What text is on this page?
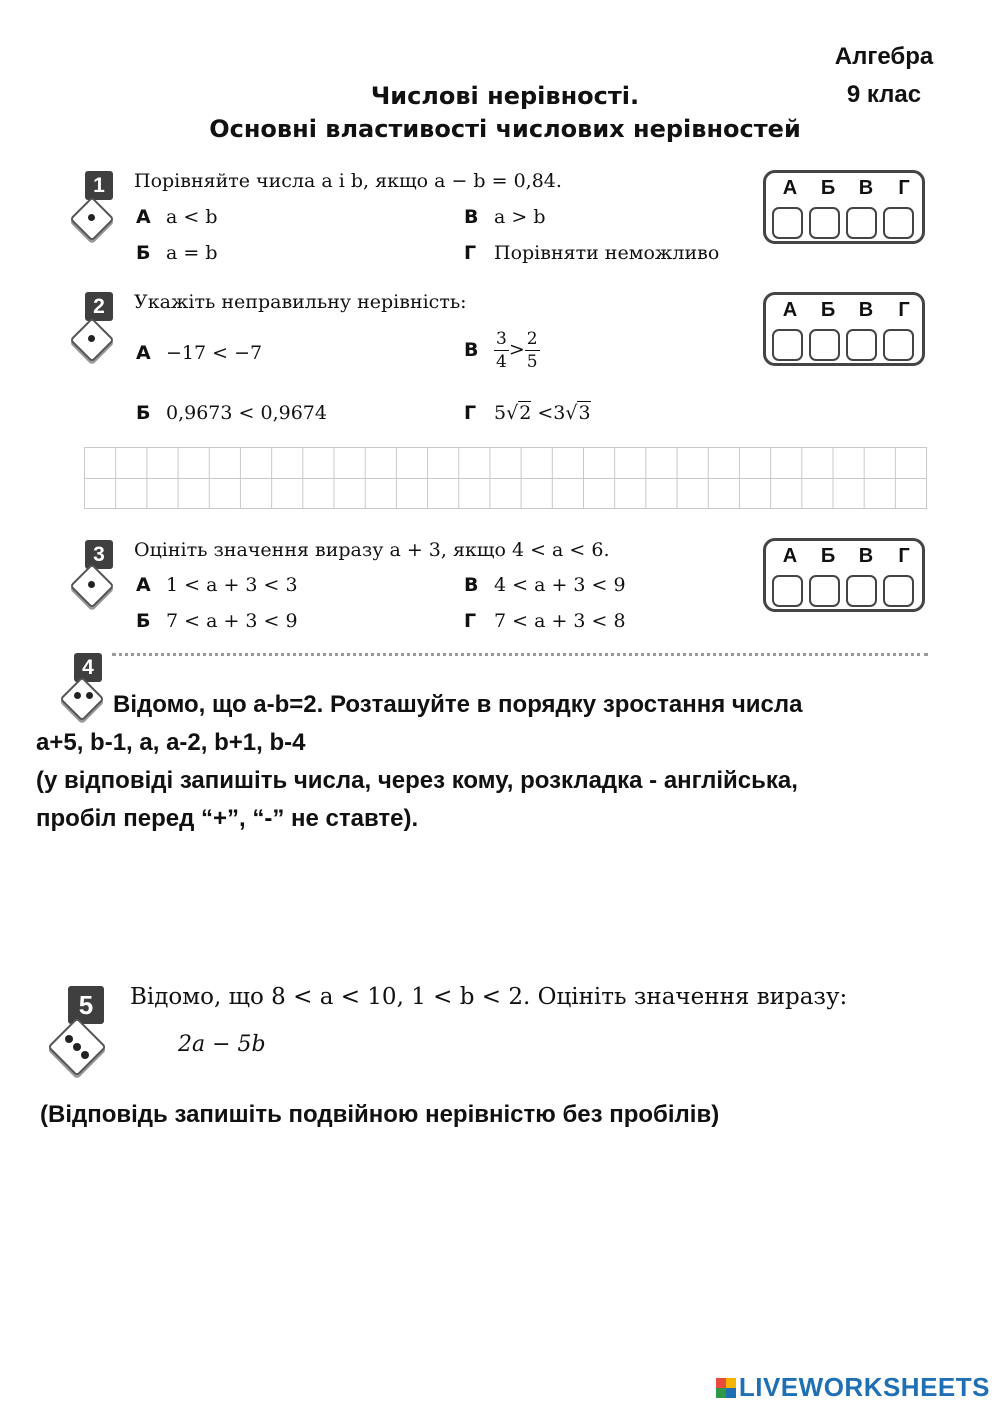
Алгебра
9 клас
Числові нерівності.
Основні властивості числових нерівностей
1	Порівняйте числа a і b, якщо a − b = 0,84.
А a < b
Б a = b
В a > b
Г Порівняти неможливо
А	Б	В	Г
2	Укажіть неправильну нерівність:
А −17 < −7
Б 0,9673 < 0,9674
В $\frac{3}{4} > \frac{2}{5}$
Г 5√2 <3√3
А	Б	В	Г
3	Оцініть значення виразу a + 3, якщо 4 < a < 6.
А 1 < a + 3 < 3
Б 7 < a + 3 < 9
В 4 < a + 3 < 9
Г 7 < a + 3 < 8
А	Б	В	Г
4
Відомо, що a-b=2. Розташуйте в порядку зростання числа
a+5, b-1, a, a-2, b+1, b-4
(у відповіді запишіть числа, через кому, розкладка - англійська,
пробіл перед “+”, “-” не ставте).
5	Відомо, що 8 < a < 10, 1 < b < 2. Оцініть значення виразу:
2a − 5b
(Відповідь запишіть подвійною нерівністю без пробілів)
LIVEWORKSHEETS
